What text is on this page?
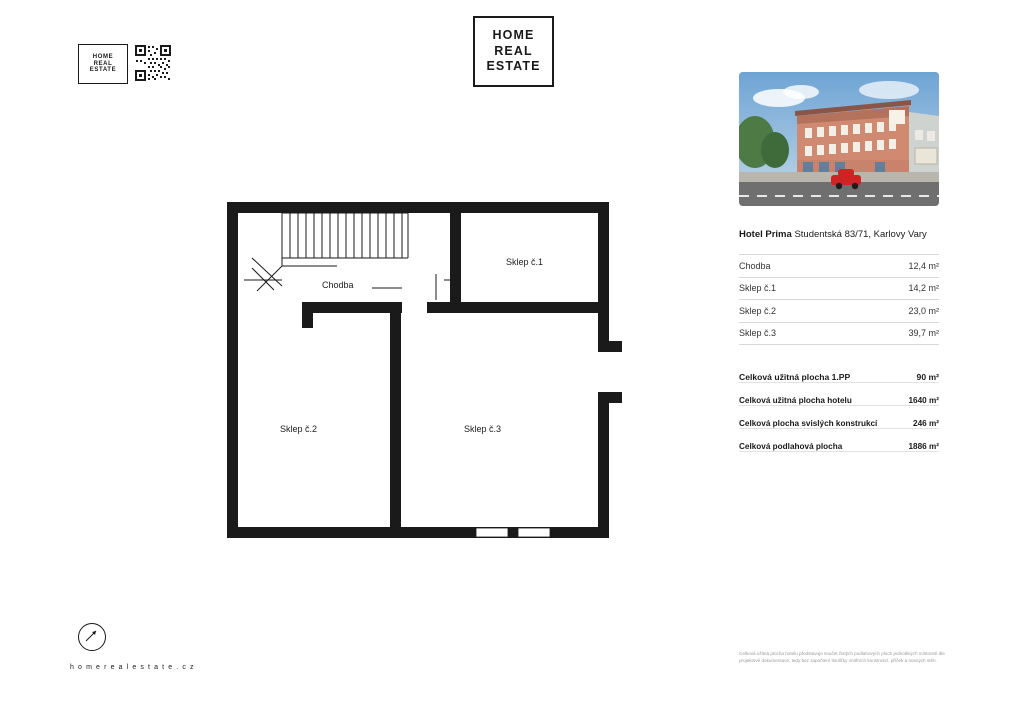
HOME
REAL
ESTATE
HOME
REAL
ESTATE
Chodba
Sklep č.1
Sklep č.2	Sklep č.3
Hotel Prima Studentská 83/71, Karlovy Vary
Chodba	12,4 m²
Sklep č.1	14,2 m²
Sklep č.2	23,0 m²
Sklep č.3	39,7 m²
Celková užitná plocha 1.PP	90 m²
Celková užitná plocha hotelu	1640 m²
Celková plocha svislých konstrukcí	246 m²
Celková podlahová plocha	1886 m²
Celková užitná plocha hotelu představuje součet čistých podlahových ploch jednotlivých místností dle projektové dokumentace, tedy bez započtení tloušťky vnitřních konstrukcí, příček a nosných stěn.
h o m e r e a l e s t a t e . c z
